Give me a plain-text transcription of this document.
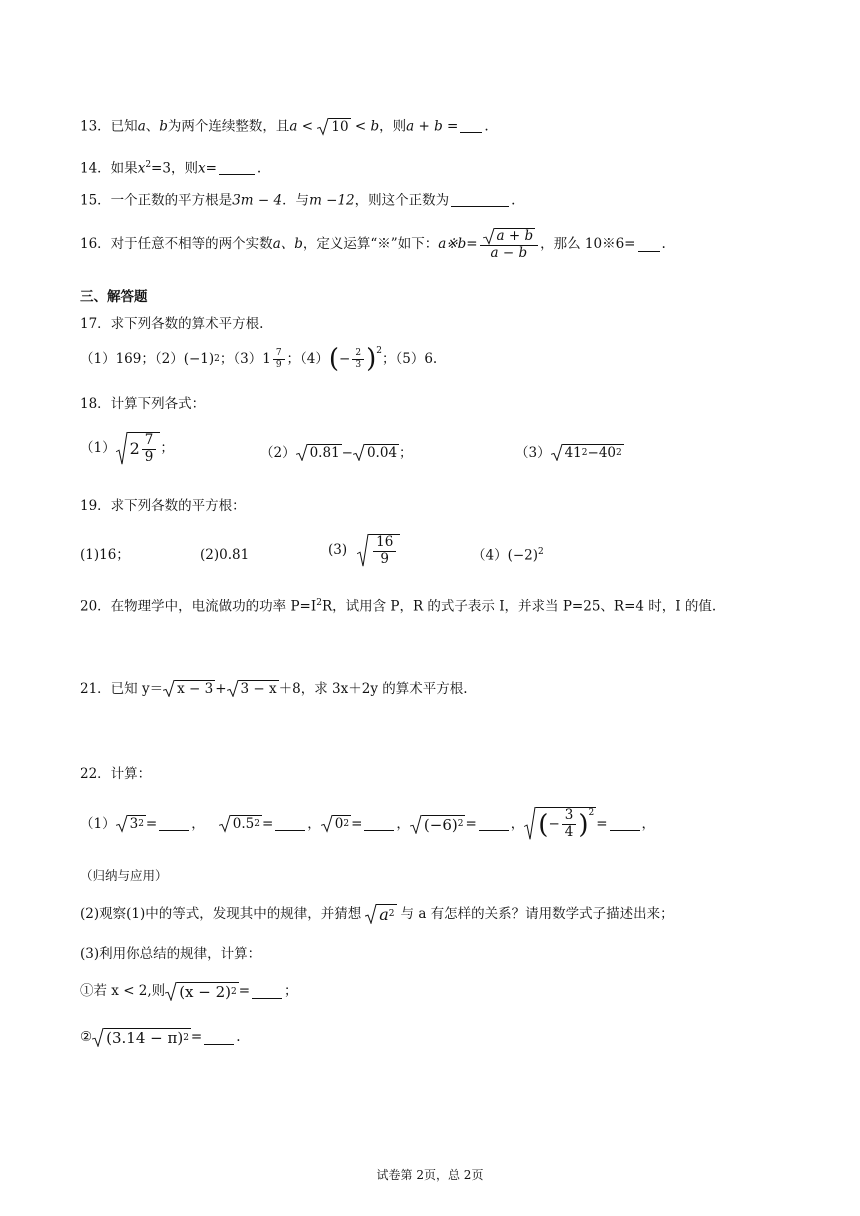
13．已知a、b为两个连续整数，且a < 10 < b，则a + b = .
14．如果$x^2=3$，则x=	.
15．一个正数的平方根是3m − 4．与m −12，则这个正数为	.
16．对于任意不相等的两个实数 a、b ，定义运算“※”如下： a※b= $\frac{a + b}{a - b}$ ，那么 10※6= .
三、解答题
17．求下列各数的算术平方根.
（1）169；（2） (−1) 2 ；$(3)1 \frac{7}{9}$ ；（4） ( − $\frac{2}{3} )^2$ ；（5）6.
18．计算下列各式：
（1） $2 \frac{7}{9}$ ；	（2） 0.81 − 0.04 ；	（3） 41 2 − 40 2
19．求下列各数的平方根：
(1)16；	(2)0.81	$(3) \frac{16}{9}$	$(4)(-2)^2$
20．在物理学中，电流做功的功率 $P=I^2R$，试用含 P，R 的式子表示 I，并求当 P=25、R=4 时，I 的值.
21．已知 y＝ x − 3 + 3 − x ＋8，求 3x＋2y 的算术平方根.
22．计算：
（1） 3 2 =	， 0.5 2 =	， 0 2 =	， (−6) 2 =	， ( − $\frac{3}{4} )^2$
=	，
（归纳与应用）
(2)观察(1)中的等式，发现其中的规律，并猜想 a 2 与 a 有怎样的关系？请用数学式子描述出来；
(3)利用你总结的规律，计算：
①若 x < 2,则 (x − 2) 2 =	；
② (3.14 − π) 2 =	.
试卷第 2页，总 2页
